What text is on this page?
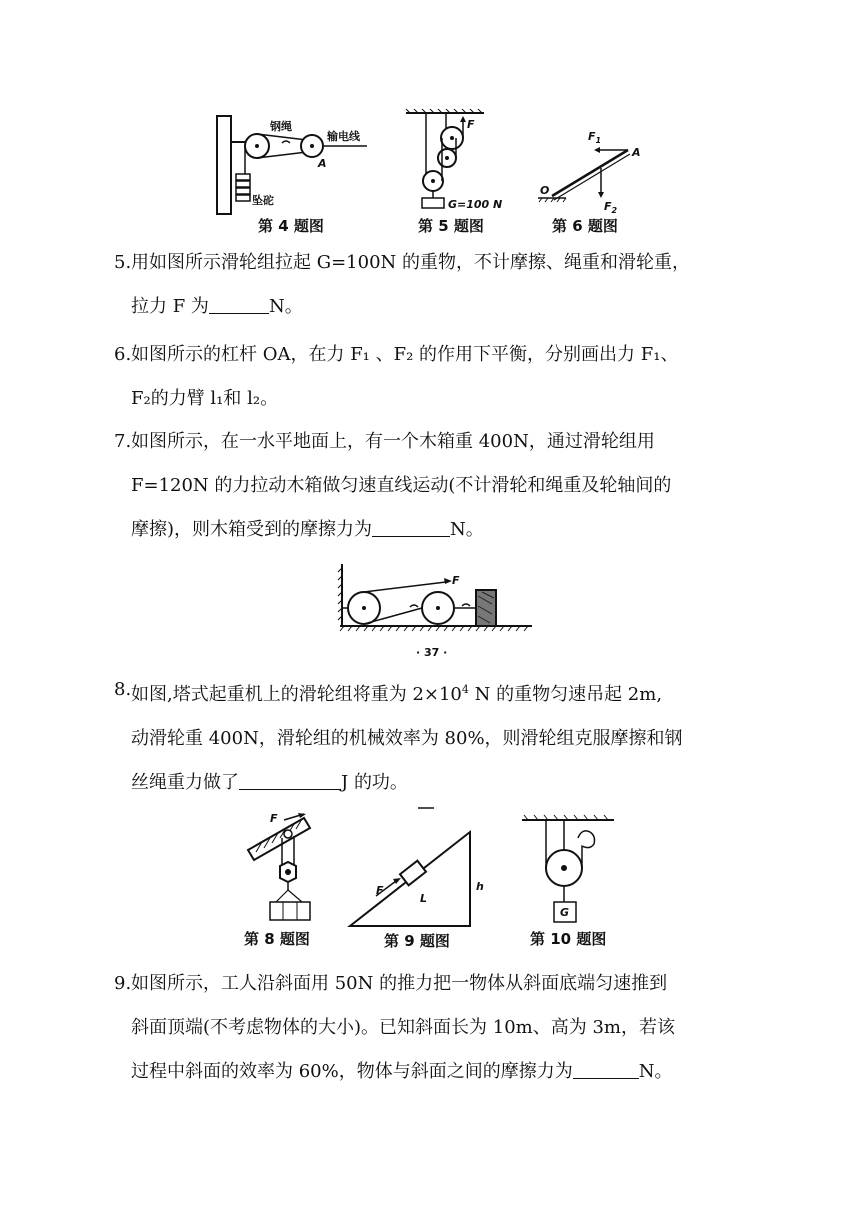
钢绳
输电线
坠砣
A
第 4 题图
F
G=100 N
第 5 题图
$F_1$
A
O
$F_2$
第 6 题图
5. 用如图所示滑轮组拉起 G=100N 的重物，不计摩擦、绳重和滑轮重，
拉力 F 为	N。
6. 如图所示的杠杆 OA，在力 F₁ 、F₂ 的作用下平衡，分别画出力 F₁、
F₂的力臂 l₁和 l₂。
7. 如图所示，在一水平地面上，有一个木箱重 400N，通过滑轮组用
F=120N 的力拉动木箱做匀速直线运动(不计滑轮和绳重及轮轴间的
摩擦)，则木箱受到的摩擦力为	N。
F
· 37 ·
8. 如图,塔式起重机上的滑轮组将重为 $2\times 10^4$ N 的重物匀速吊起 2m,
动滑轮重 400N，滑轮组的机械效率为 80%，则滑轮组克服摩擦和钢
丝绳重力做了	J 的功。
F
第 8 题图
F
L
h
第 9 题图
G
第 10 题图
9. 如图所示，工人沿斜面用 50N 的推力把一物体从斜面底端匀速推到
斜面顶端(不考虑物体的大小)。已知斜面长为 10m、高为 3m，若该
过程中斜面的效率为 60%，物体与斜面之间的摩擦力为	N。
